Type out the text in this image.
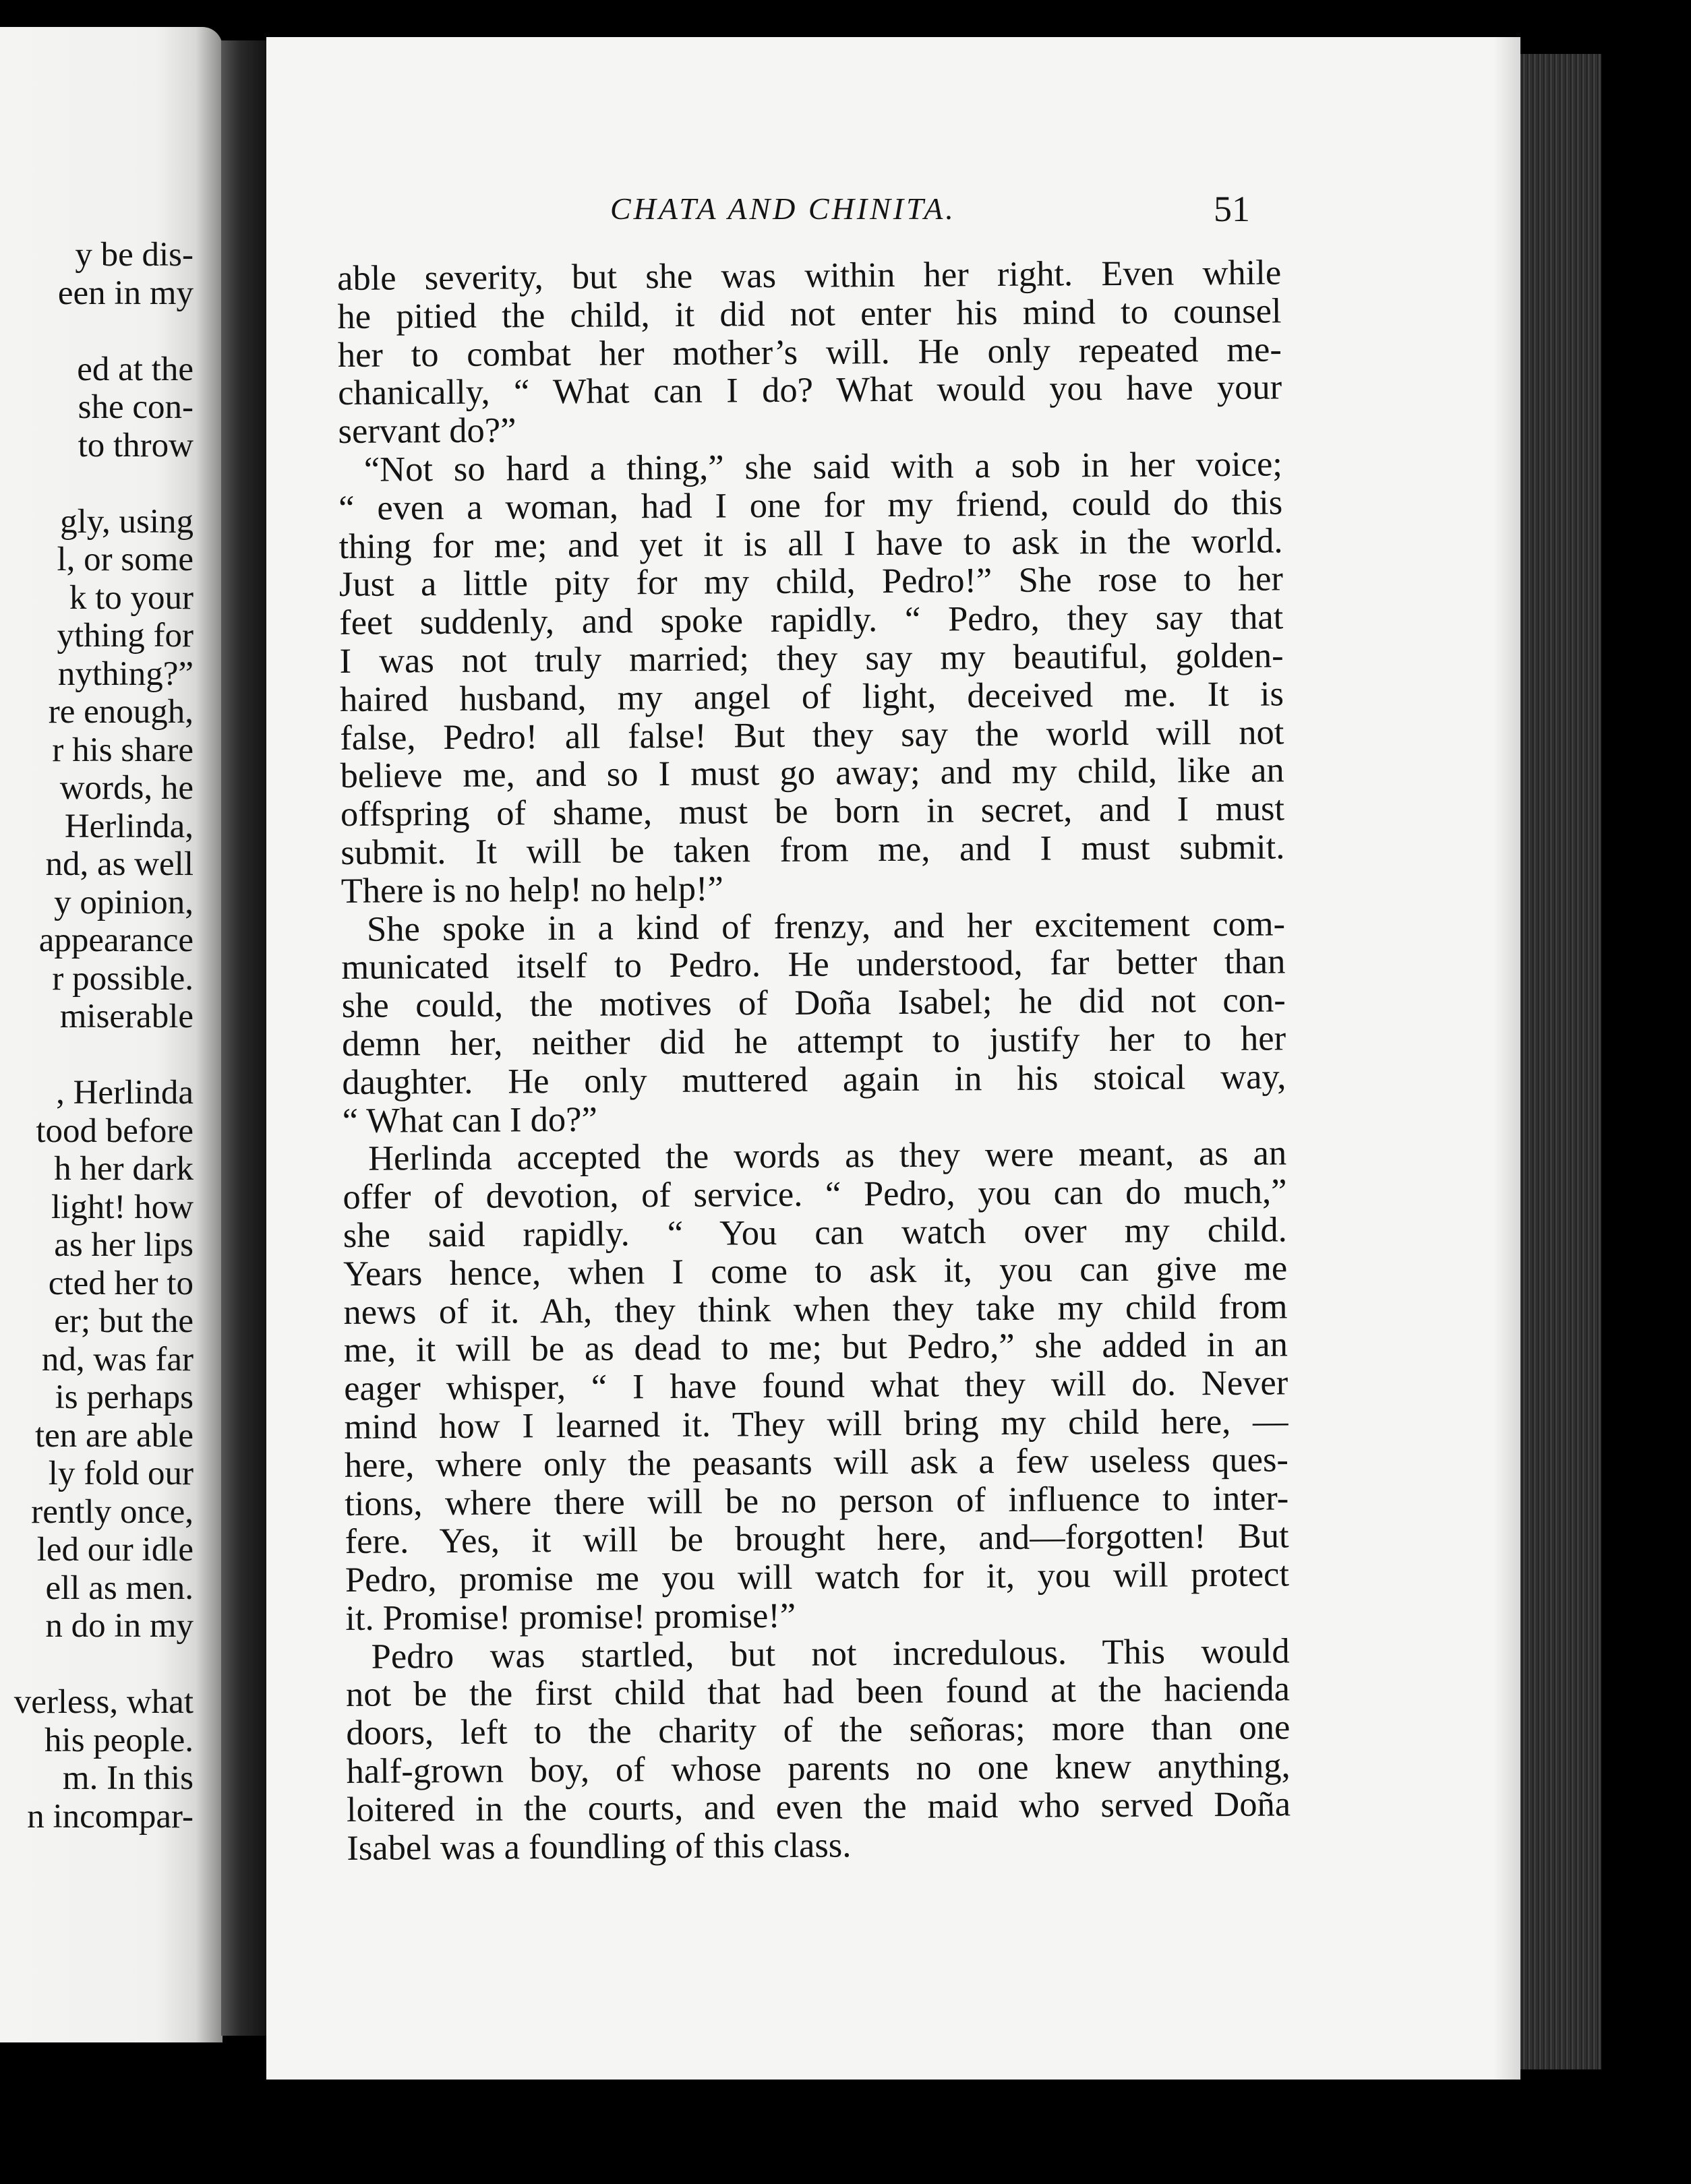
y be dis-
een in my
ed at the
she con-
to throw
gly, using
l, or some
k to your
ything for
nything?”
re enough,
r his share
words, he
Herlinda,
nd, as well
y opinion,
appearance
r possible.
miserable
, Herlinda
tood before
h her dark
light! how
as her lips
cted her to
er; but the
nd, was far
is perhaps
ten are able
ly fold our
rently once,
led our idle
ell as men.
n do in my
verless, what
his people.
m. In this
n incompar-
CHATA AND CHINITA.	51
able severity, but she was within her right. Even while
he pitied the child, it did not enter his mind to counsel
her to combat her mother’s will. He only repeated me-
chanically, “ What can I do? What would you have your
servant do?”
“Not so hard a thing,” she said with a sob in her voice;
“ even a woman, had I one for my friend, could do this
thing for me; and yet it is all I have to ask in the world.
Just a little pity for my child, Pedro!” She rose to her
feet suddenly, and spoke rapidly. “ Pedro, they say that
I was not truly married; they say my beautiful, golden-
haired husband, my angel of light, deceived me. It is
false, Pedro! all false! But they say the world will not
believe me, and so I must go away; and my child, like an
offspring of shame, must be born in secret, and I must
submit. It will be taken from me, and I must submit.
There is no help! no help!”
She spoke in a kind of frenzy, and her excitement com-
municated itself to Pedro. He understood, far better than
she could, the motives of Doña Isabel; he did not con-
demn her, neither did he attempt to justify her to her
daughter. He only muttered again in his stoical way,
“ What can I do?”
Herlinda accepted the words as they were meant, as an
offer of devotion, of service. “ Pedro, you can do much,”
she said rapidly. “ You can watch over my child.
Years hence, when I come to ask it, you can give me
news of it. Ah, they think when they take my child from
me, it will be as dead to me; but Pedro,” she added in an
eager whisper, “ I have found what they will do. Never
mind how I learned it. They will bring my child here, —
here, where only the peasants will ask a few useless ques-
tions, where there will be no person of influence to inter-
fere. Yes, it will be brought here, and—forgotten! But
Pedro, promise me you will watch for it, you will protect
it. Promise! promise! promise!”
Pedro was startled, but not incredulous. This would
not be the first child that had been found at the hacienda
doors, left to the charity of the señoras; more than one
half-grown boy, of whose parents no one knew anything,
loitered in the courts, and even the maid who served Doña
Isabel was a foundling of this class.
